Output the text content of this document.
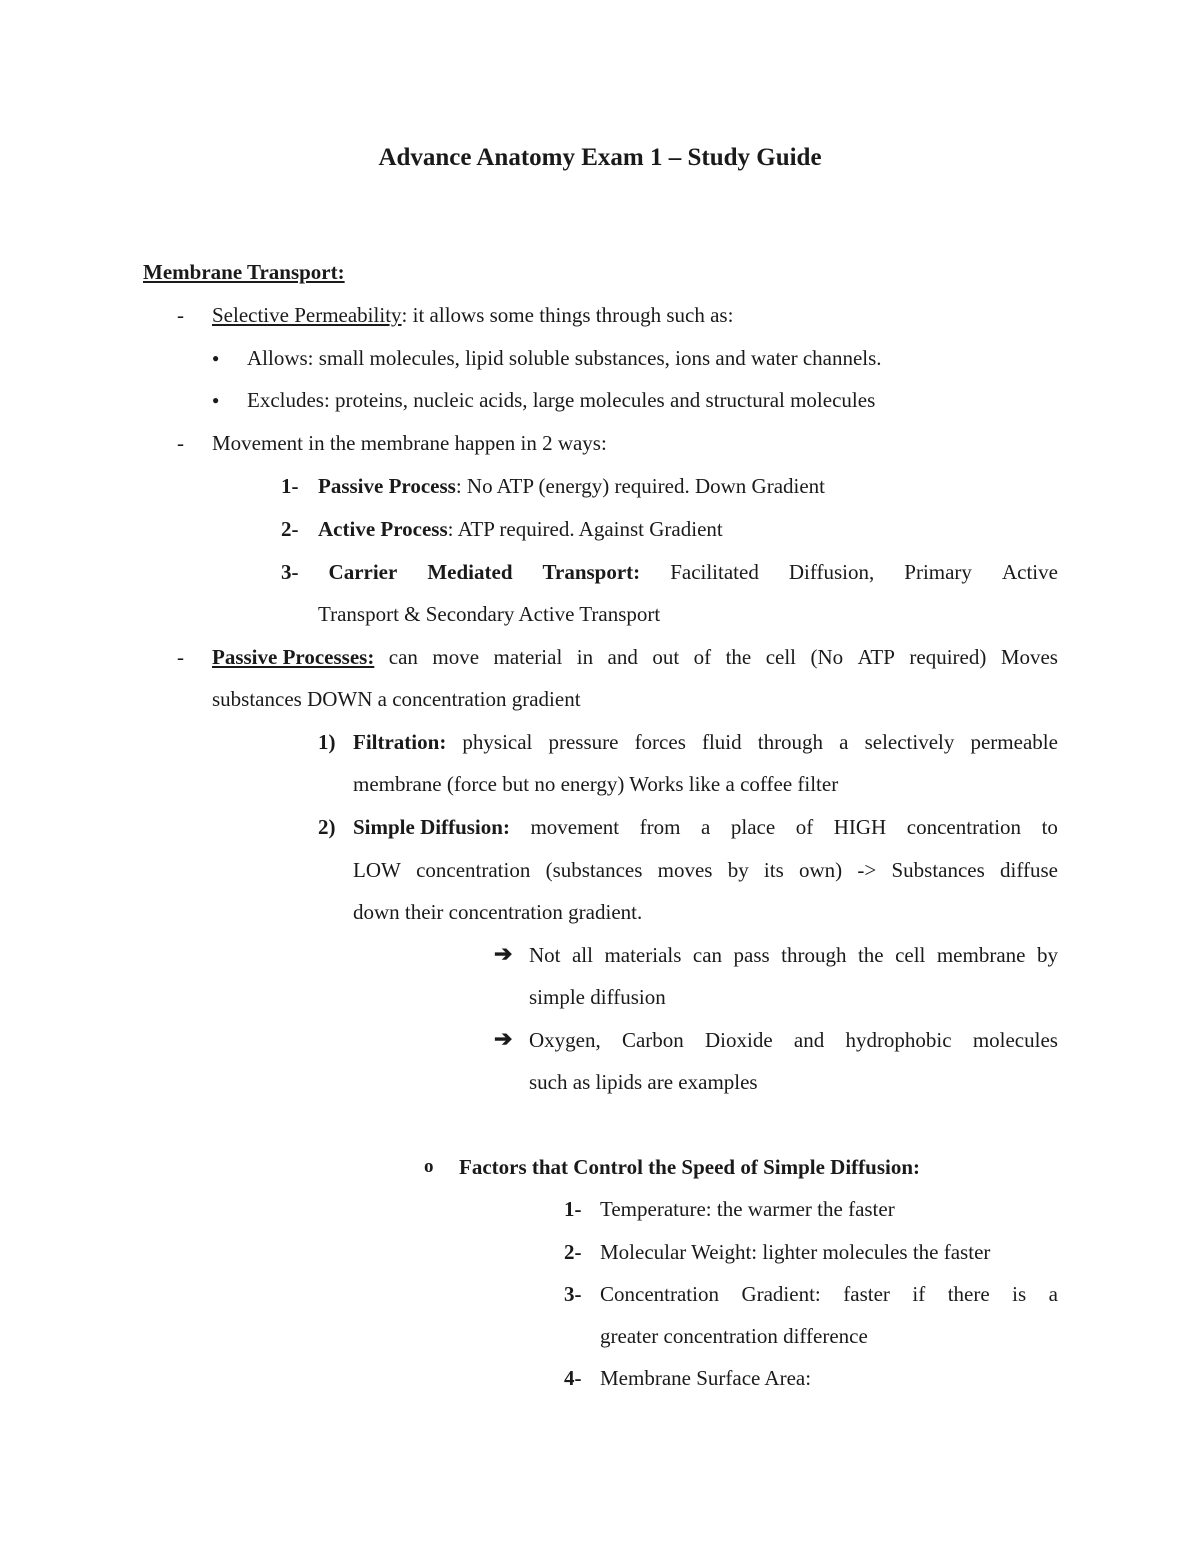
Advance Anatomy Exam 1 – Study Guide
Membrane Transport:
- Selective Permeability: it allows some things through such as:
● Allows: small molecules, lipid soluble substances, ions and water channels.
● Excludes: proteins, nucleic acids, large molecules and structural molecules
- Movement in the membrane happen in 2 ways:
1- Passive Process: No ATP (energy) required. Down Gradient
2- Active Process: ATP required. Against Gradient
3- Carrier Mediated Transport: Facilitated Diffusion, Primary Active
Transport & Secondary Active Transport
- Passive Processes: can move material in and out of the cell (No ATP required) Moves
substances DOWN a concentration gradient
1) Filtration: physical pressure forces fluid through a selectively permeable
membrane (force but no energy) Works like a coffee filter
2) Simple Diffusion: movement from a place of HIGH concentration to
LOW concentration (substances moves by its own) -> Substances diffuse
down their concentration gradient.
➔ Not all materials can pass through the cell membrane by
simple diffusion
➔ Oxygen, Carbon Dioxide and hydrophobic molecules
such as lipids are examples
o Factors that Control the Speed of Simple Diffusion:
1- Temperature: the warmer the faster
2- Molecular Weight: lighter molecules the faster
3- Concentration Gradient: faster if there is a
greater concentration difference
4- Membrane Surface Area:
